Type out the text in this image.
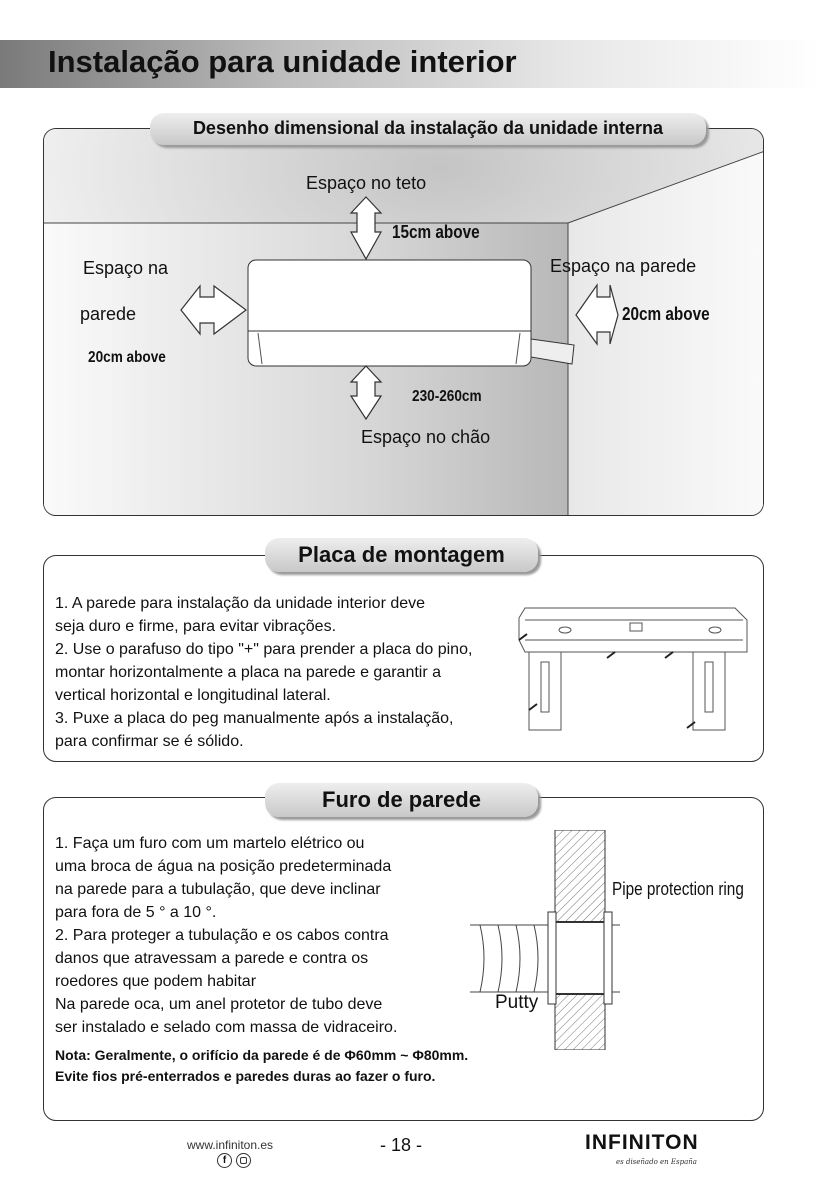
Instalação para unidade interior
Desenho dimensional da instalação da unidade interna
Espaço no teto
15cm above
Espaço na
parede
20cm above
Espaço na parede
20cm above
230-260cm
Espaço no chão
Placa de montagem
1. A parede para instalação da unidade interior deve
seja duro e firme, para evitar vibrações.
2. Use o parafuso do tipo "+" para prender a placa do pino,
montar horizontalmente a placa na parede e garantir a
vertical horizontal e longitudinal lateral.
3. Puxe a placa do peg manualmente após a instalação,
para confirmar se é sólido.
Furo de parede
1. Faça um furo com um martelo elétrico ou
uma broca de água na posição predeterminada
na parede para a tubulação, que deve inclinar
para fora de 5 ° a 10 °.
2. Para proteger a tubulação e os cabos contra
danos que atravessam a parede e contra os
roedores que podem habitar
Na parede oca, um anel protetor de tubo deve
ser instalado e selado com massa de vidraceiro.
Nota: Geralmente, o orifício da parede é de Φ60mm ~ Φ80mm.
Evite fios pré-enterrados e paredes duras ao fazer o furo.
Pipe protection ring
Putty
www.infiniton.es
f
- 18 -	INFINITON
es diseñado en España
